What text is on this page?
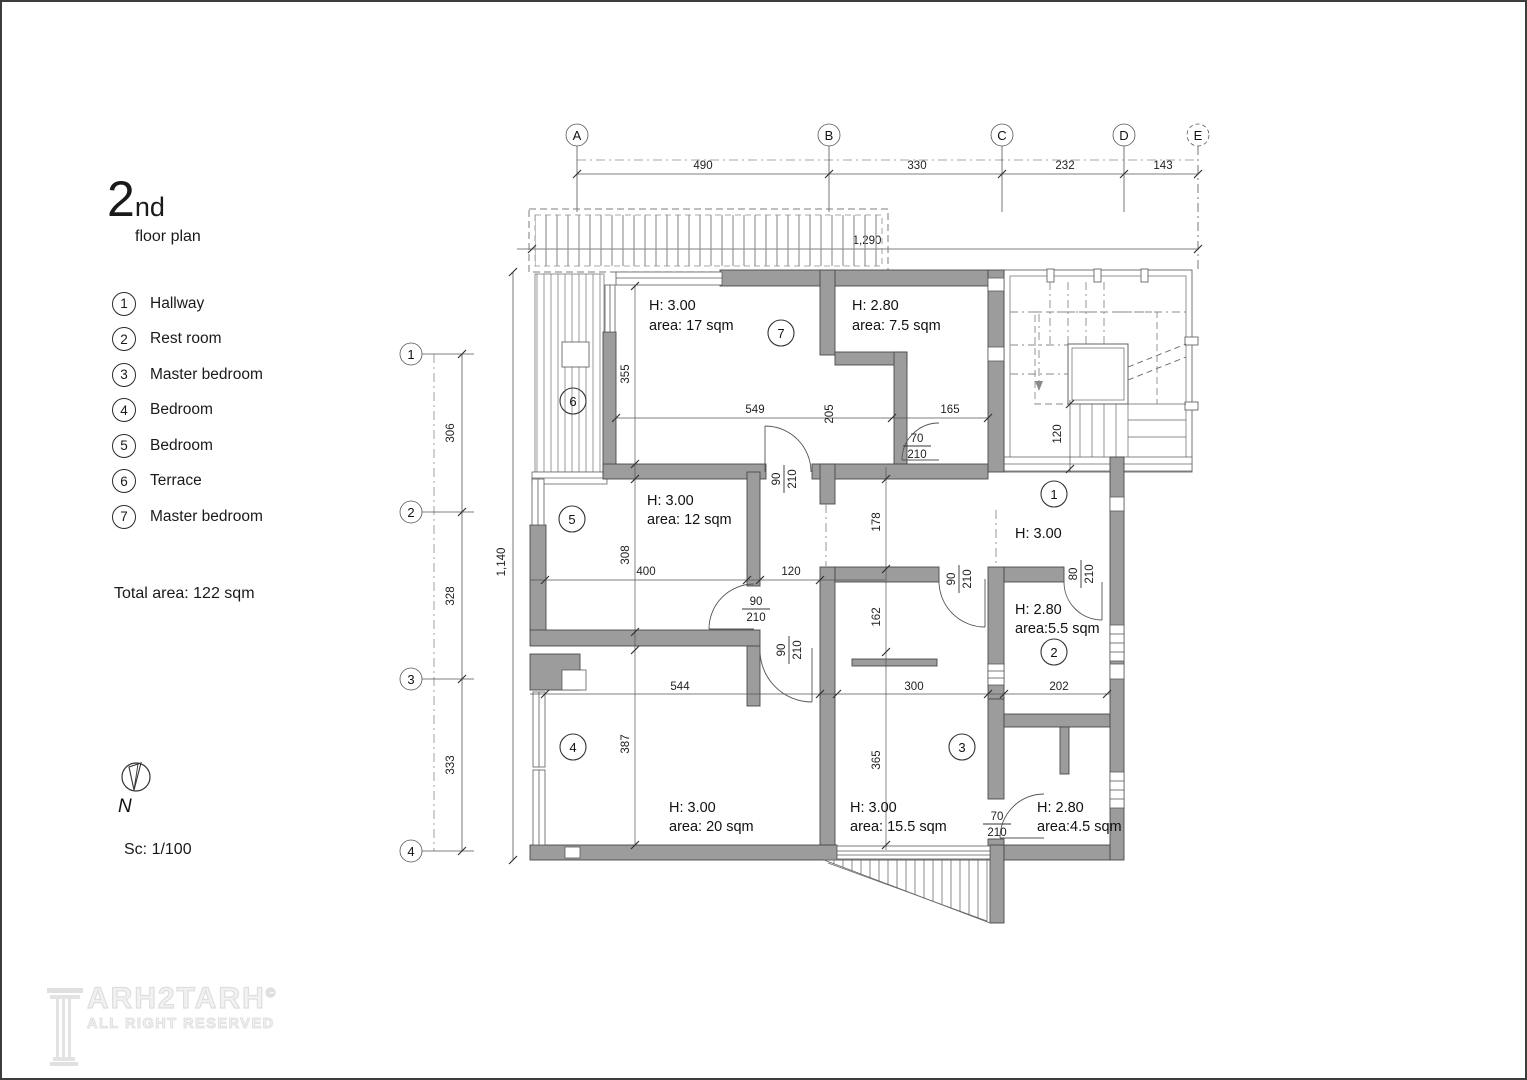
2nd
floor plan
1	Hallway
2	Rest room
3	Master bedroom
4	Bedroom
5	Bedroom
6	Terrace
7	Master bedroom
Total area: 122 sqm
N
Sc: 1/100
ARH2TARH©
ALL RIGHT RESERVED
A	B	C	D	E
490	330	232	143
1
2
3
4
306
328
333
1,140
549	205	165
355
308
400	120
178
162
544	300	202
387
365
120
70
210
90 210
90
210
90 210
90 210	80 210
70
210
7
6
5
1
2
4	3
H: 3.00
area: 17 sqm
H: 2.80
area: 7.5 sqm
H: 3.00
area: 12 sqm
H: 3.00
H: 2.80
area:5.5 sqm
H: 3.00
area: 20 sqm
H: 3.00
area: 15.5 sqm
H: 2.80
area:4.5 sqm
